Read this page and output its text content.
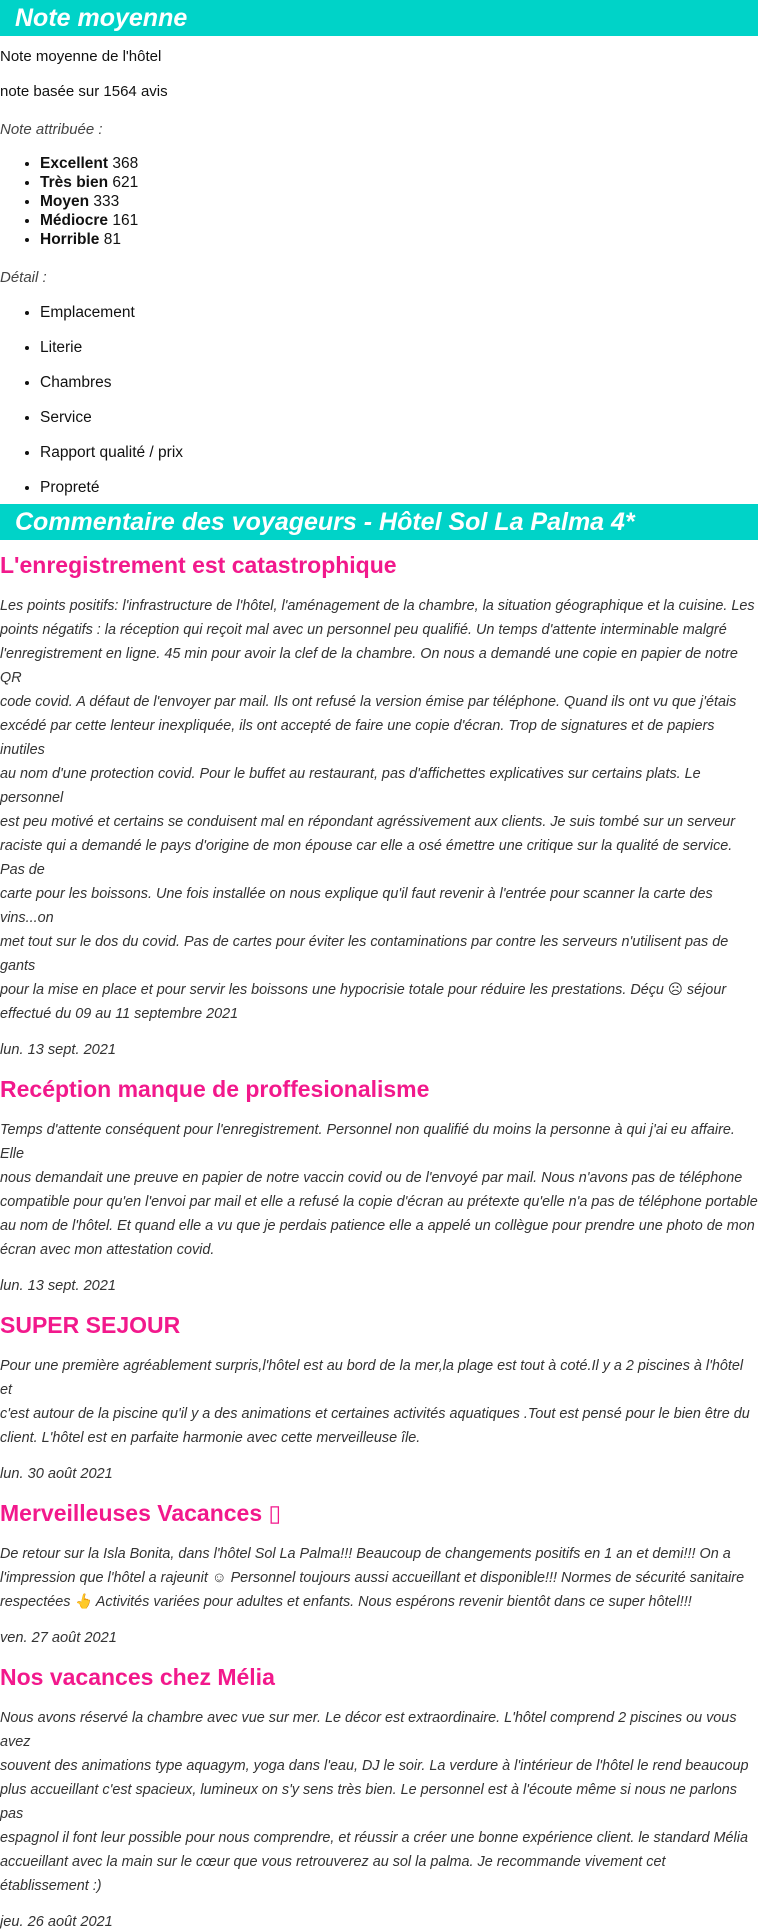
Note moyenne
Note moyenne de l'hôtel
note basée sur 1564 avis
Note attribuée :
• Excellent 368
• Très bien 621
• Moyen 333
• Médiocre 161
• Horrible 81
Détail :
• Emplacement
• Literie
• Chambres
• Service
• Rapport qualité / prix
• Propreté
Commentaire des voyageurs - Hôtel Sol La Palma 4*
L'enregistrement est catastrophique
Les points positifs: l'infrastructure de l'hôtel, l'aménagement de la chambre, la situation géographique et la cuisine. Les
points négatifs : la réception qui reçoit mal avec un personnel peu qualifié. Un temps d'attente interminable malgré
l'enregistrement en ligne. 45 min pour avoir la clef de la chambre. On nous a demandé une copie en papier de notre QR
code covid. A défaut de l'envoyer par mail. Ils ont refusé la version émise par téléphone. Quand ils ont vu que j'étais
excédé par cette lenteur inexpliquée, ils ont accepté de faire une copie d'écran. Trop de signatures et de papiers inutiles
au nom d'une protection covid. Pour le buffet au restaurant, pas d'affichettes explicatives sur certains plats. Le personnel
est peu motivé et certains se conduisent mal en répondant agréssivement aux clients. Je suis tombé sur un serveur
raciste qui a demandé le pays d'origine de mon épouse car elle a osé émettre une critique sur la qualité de service. Pas de
carte pour les boissons. Une fois installée on nous explique qu'il faut revenir à l'entrée pour scanner la carte des vins...on
met tout sur le dos du covid. Pas de cartes pour éviter les contaminations par contre les serveurs n'utilisent pas de gants
pour la mise en place et pour servir les boissons une hypocrisie totale pour réduire les prestations. Déçu ☹ séjour
effectué du 09 au 11 septembre 2021
lun. 13 sept. 2021
Recéption manque de proffesionalisme
Temps d'attente conséquent pour l'enregistrement. Personnel non qualifié du moins la personne à qui j'ai eu affaire. Elle
nous demandait une preuve en papier de notre vaccin covid ou de l'envoyé par mail. Nous n'avons pas de téléphone
compatible pour qu'en l'envoi par mail et elle a refusé la copie d'écran au prétexte qu'elle n'a pas de téléphone portable
au nom de l'hôtel. Et quand elle a vu que je perdais patience elle a appelé un collègue pour prendre une photo de mon
écran avec mon attestation covid.
lun. 13 sept. 2021
SUPER SEJOUR
Pour une première agréablement surpris,l'hôtel est au bord de la mer,la plage est tout à coté.Il y a 2 piscines à l'hôtel et
c'est autour de la piscine qu'il y a des animations et certaines activités aquatiques .Tout est pensé pour le bien être du
client. L'hôtel est en parfaite harmonie avec cette merveilleuse île.
lun. 30 août 2021
Merveilleuses Vacances ▯
De retour sur la Isla Bonita, dans l'hôtel Sol La Palma!!! Beaucoup de changements positifs en 1 an et demi!!! On a
l'impression que l'hôtel a rajeunit ☺ Personnel toujours aussi accueillant et disponible!!! Normes de sécurité sanitaire
respectées 👆 Activités variées pour adultes et enfants. Nous espérons revenir bientôt dans ce super hôtel!!!
ven. 27 août 2021
Nos vacances chez Mélia
Nous avons réservé la chambre avec vue sur mer. Le décor est extraordinaire. L'hôtel comprend 2 piscines ou vous avez
souvent des animations type aquagym, yoga dans l'eau, DJ le soir. La verdure à l'intérieur de l'hôtel le rend beaucoup
plus accueillant c'est spacieux, lumineux on s'y sens très bien. Le personnel est à l'écoute même si nous ne parlons pas
espagnol il font leur possible pour nous comprendre, et réussir a créer une bonne expérience client. le standard Mélia
accueillant avec la main sur le cœur que vous retrouverez au sol la palma. Je recommande vivement cet établissement :)
jeu. 26 août 2021
